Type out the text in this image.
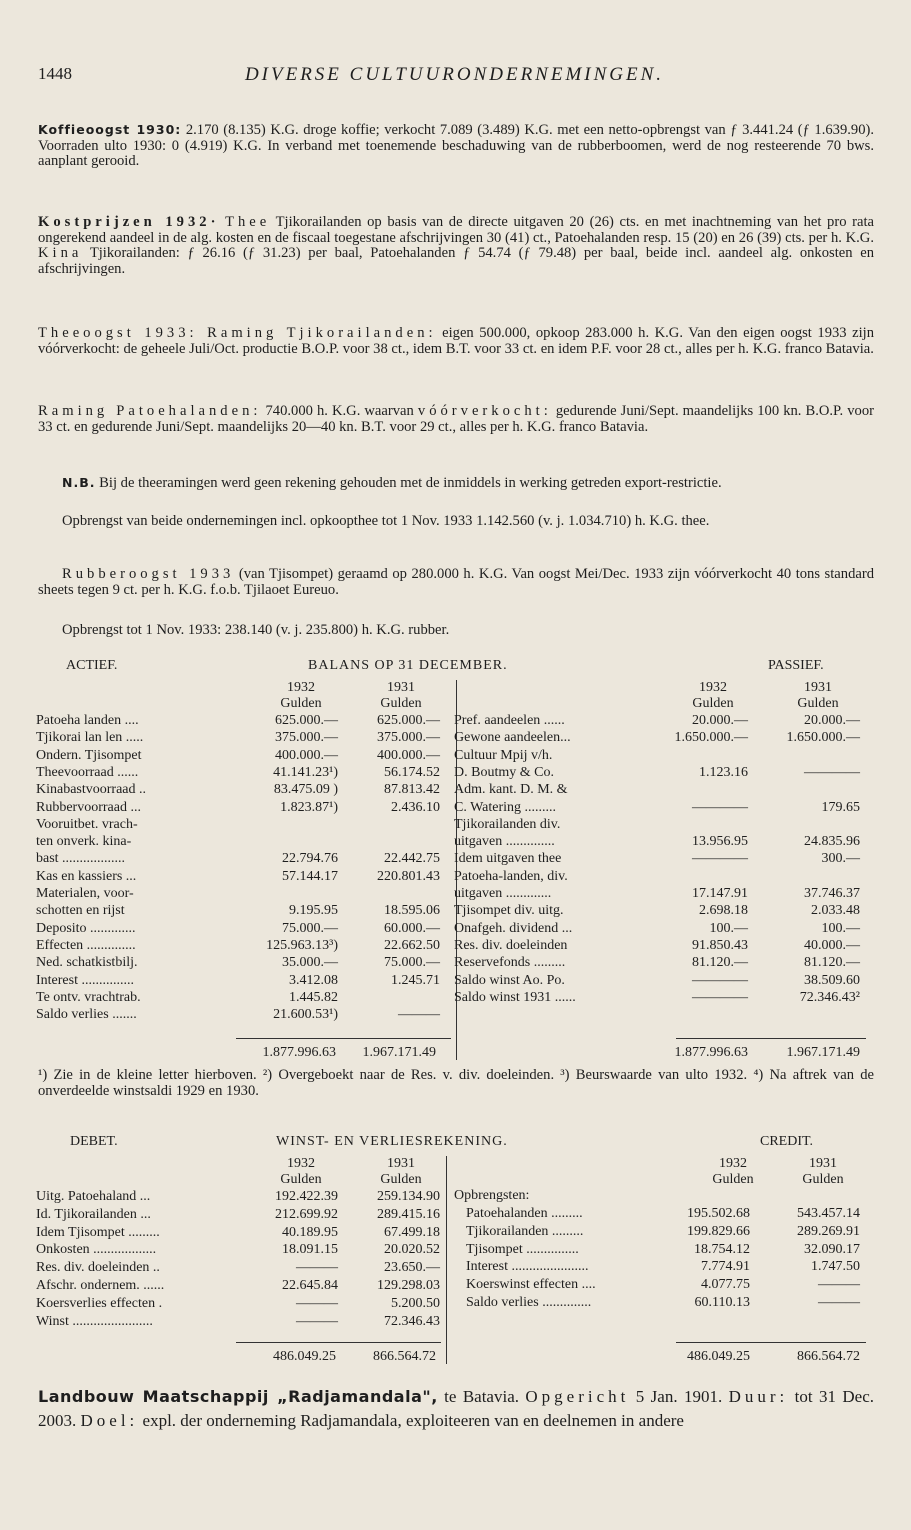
1448	DIVERSE CULTUURONDERNEMINGEN.

Koffieoogst 1930: 2.170 (8.135) K.G. droge koffie; verkocht 7.089 (3.489) K.G. met een netto-opbrengst van ƒ 3.441.24 (ƒ 1.639.90). Voorraden ulto 1930: 0 (4.919) K.G. In verband met toenemende beschaduwing van de rubberboomen, werd de nog resteerende 70 bws. aanplant gerooid.

Kostprijzen 1932· Thee Tjikorailanden op basis van de directe uitgaven 20 (26) cts. en met inachtneming van het pro rata ongerekend aandeel in de alg. kosten en de fiscaal toegestane afschrijvingen 30 (41) ct., Patoehalanden resp. 15 (20) en 26 (39) cts. per h. K.G. Kina Tjikorailanden: ƒ 26.16 (ƒ 31.23) per baal, Patoehalanden ƒ 54.74 (ƒ 79.48) per baal, beide incl. aandeel alg. onkosten en afschrijvingen.

Theeoogst 1933: Raming Tjikorailanden: eigen 500.000, opkoop 283.000 h. K.G. Van den eigen oogst 1933 zijn vóórverkocht: de geheele Juli/Oct. productie B.O.P. voor 38 ct., idem B.T. voor 33 ct. en idem P.F. voor 28 ct., alles per h. K.G. franco Batavia.

Raming Patoehalanden: 740.000 h. K.G. waarvan vóórverkocht: gedurende Juni/Sept. maandelijks 100 kn. B.O.P. voor 33 ct. en gedurende Juni/Sept. maandelijks 20—40 kn. B.T. voor 29 ct., alles per h. K.G. franco Batavia.

N.B. Bij de theeramingen werd geen rekening gehouden met de inmiddels in werking getreden export-restrictie.

Opbrengst van beide ondernemingen incl. opkoopthee tot 1 Nov. 1933 1.142.560 (v. j. 1.034.710) h. K.G. thee.

Rubberoogst 1933 (van Tjisompet) geraamd op 280.000 h. K.G. Van oogst Mei/Dec. 1933 zijn vóórverkocht 40 tons standard sheets tegen 9 ct. per h. K.G. f.o.b. Tjilaoet Eureuo.

Opbrengst tot 1 Nov. 1933: 238.140 (v. j. 235.800) h. K.G. rubber.

ACTIEF.	BALANS OP 31 DECEMBER.	PASSIEF.
1932	1931
Gulden	Gulden
1932	1931
Gulden	Gulden
Patoeha landen ....	625.000.—	625.000.—
Tjikorai lan len .....	375.000.—	375.000.—
Ondern. Tjisompet	400.000.—	400.000.—
Theevoorraad ......	41.141.23¹)	56.174.52
Kinabastvoorraad ..	83.475.09 )	87.813.42
Rubbervoorraad ...	1.823.87¹)	2.436.10
Vooruitbet. vrach-
ten onverk. kina-
bast ..................	22.794.76	22.442.75
Kas en kassiers ...	57.144.17	220.801.43
Materialen, voor-
schotten en rijst	9.195.95	18.595.06
Deposito .............	75.000.—	60.000.—
Effecten ..............	125.963.13³)	22.662.50
Ned. schatkistbilj.	35.000.—	75.000.—
Interest ...............	3.412.08	1.245.71
Te ontv. vrachtrab.	1.445.82
Saldo verlies .......	21.600.53¹)	———
Pref. aandeelen ......	20.000.—	20.000.—
Gewone aandeelen...	1.650.000.—	1.650.000.—
Cultuur Mpij v/h.
D. Boutmy & Co.	1.123.16	————
Adm. kant. D. M. &
C. Watering .........	————	179.65
Tjikorailanden div.
uitgaven ..............	13.956.95	24.835.96
Idem uitgaven thee	————	300.—
Patoeha-landen, div.
uitgaven .............	17.147.91	37.746.37
Tjisompet div. uitg.	2.698.18	2.033.48
Onafgeh. dividend ...	100.—	100.—
Res. div. doeleinden	91.850.43	40.000.—
Reservefonds .........	81.120.—	81.120.—
Saldo winst Ao. Po.	————	38.509.60
Saldo winst 1931 ......	————	72.346.43²
1.877.996.63	1.967.171.49	1.877.996.63	1.967.171.49

¹) Zie in de kleine letter hierboven. ²) Overgeboekt naar de Res. v. div. doeleinden. ³) Beurswaarde van ulto 1932. ⁴) Na aftrek van de onverdeelde winstsaldi 1929 en 1930.

DEBET.	WINST- EN VERLIESREKENING.	CREDIT.
1932	1931
Gulden	Gulden
1932	1931
Gulden	Gulden
Opbrengsten:
Uitg. Patoehaland ...	192.422.39	259.134.90
Id. Tjikorailanden ...	212.699.92	289.415.16
Idem Tjisompet .........	40.189.95	67.499.18
Onkosten ..................	18.091.15	20.020.52
Res. div. doeleinden ..	———	23.650.—
Afschr. ondernem. ......	22.645.84	129.298.03
Koersverlies effecten .	———	5.200.50
Winst .......................	———	72.346.43
Patoehalanden .........	195.502.68	543.457.14
Tjikorailanden .........	199.829.66	289.269.91
Tjisompet ...............	18.754.12	32.090.17
Interest ......................	7.774.91	1.747.50
Koerswinst effecten ....	4.077.75	———
Saldo verlies ..............	60.110.13	———
486.049.25	866.564.72	486.049.25	866.564.72
Landbouw Maatschappij „Radjamandala", te Batavia. Opgericht 5 Jan. 1901. Duur: tot 31 Dec. 2003. Doel: expl. der onderneming Radjamandala, exploiteeren van en deelnemen in andere
